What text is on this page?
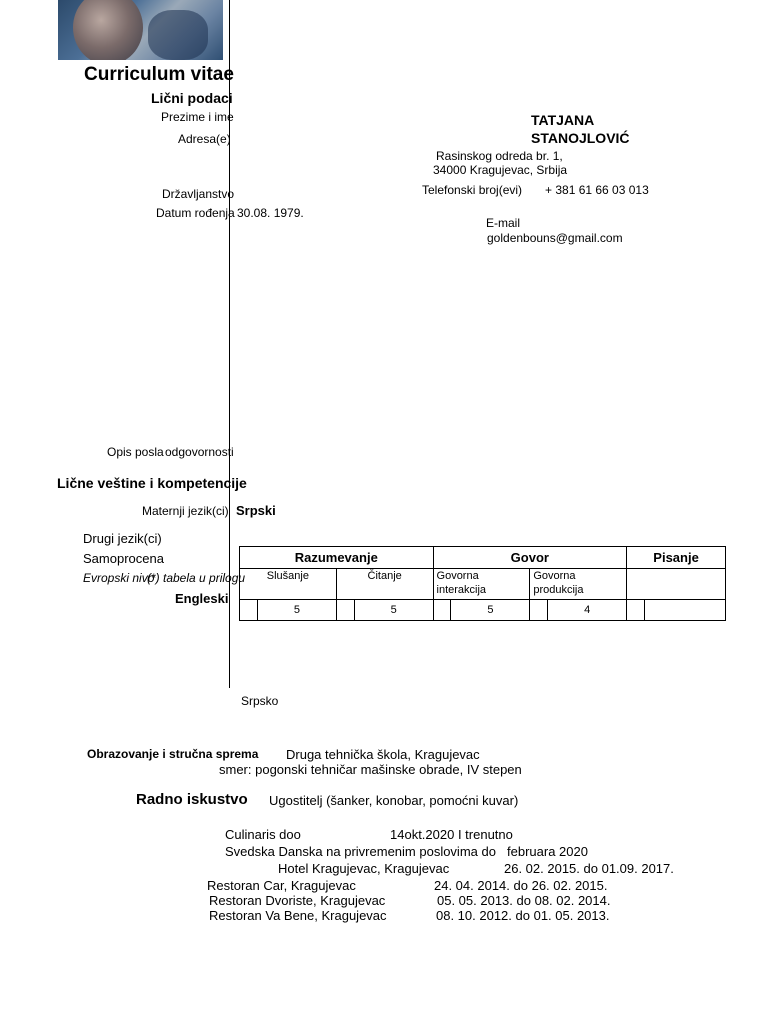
Curriculum vitae
Lični podaci
Prezime i ime	TATJANA
STANOJLOVIĆ
Adresa(e)
Rasinskog odreda br. 1,
34000 Kragujevac, Srbija
Telefonski broj(evi) + 381 61 66 03 013
Državljanstvo
Datum rođenja 30.08. 1979.
E-mail
goldenbouns@gmail.com
Opis posla odgovornosti
Lične veštine i kompetencije
Maternji jezik(ci) Srpski
Drugi jezik(ci)
Samoprocena
Evropski nivo
(*) tabela u prilogu
Engleski
Razumevanje				Govor				Pisanje	
Slušanje		Čitanje		Govorna interakcija		Govorna produkcija			
	5		5		5		4		
Srpsko
Obrazovanje i stručna sprema Druga tehnička škola, Kragujevac
smer: pogonski tehničar mašinske obrade, IV stepen
Radno iskustvo Ugostitelj (šanker, konobar, pomoćni kuvar)
Culinaris doo	14okt.2020 I trenutno
Svedska Danska na privremenim poslovima do februara 2020
Hotel Kragujevac, Kragujevac	26. 02. 2015. do 01.09. 2017.
Restoran Car, Kragujevac	24. 04. 2014. do 26. 02. 2015.
Restoran Dvoriste, Kragujevac	05. 05. 2013. do 08. 02. 2014.
Restoran Va Bene, Kragujevac	08. 10. 2012. do 01. 05. 2013.
